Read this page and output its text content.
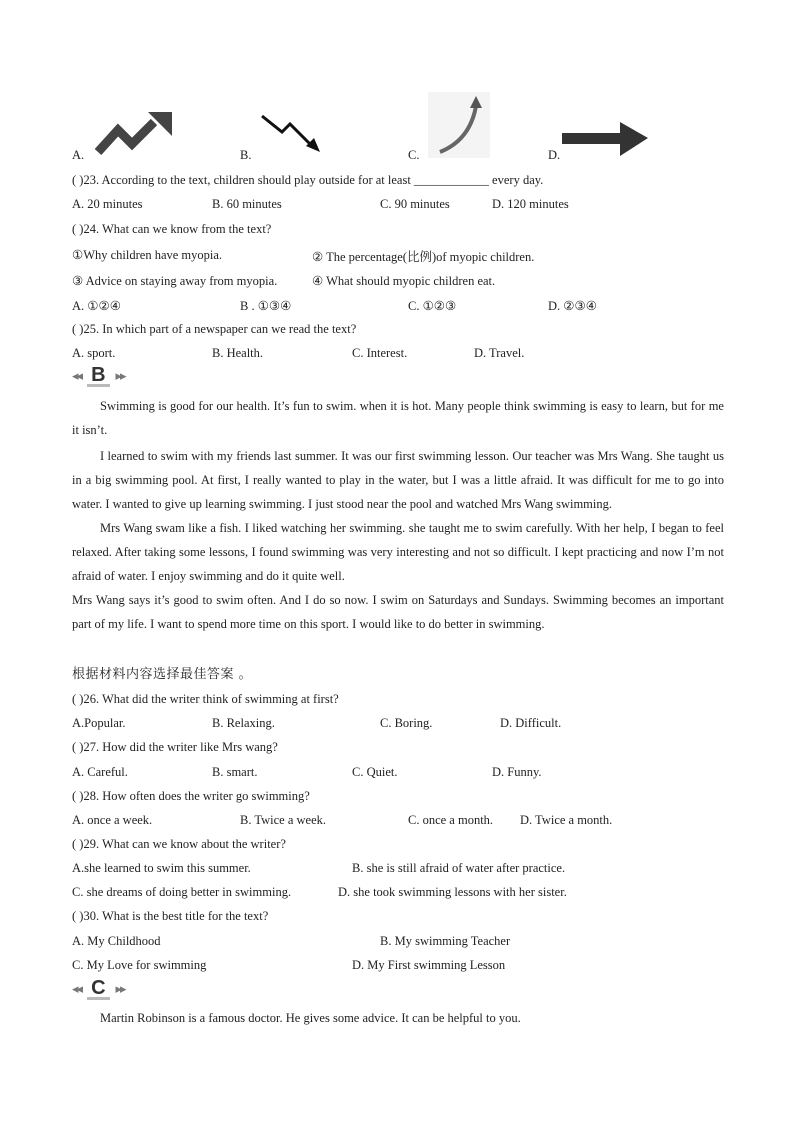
A.	B.	C.	D.
( )23. According to the text, children should play outside for at least ____________ every day.
A. 20 minutes	B. 60 minutes	C. 90 minutes	D. 120 minutes
( )24. What can we know from the text?
①Why children have myopia.	② The percentage(比例)of myopic children.
③ Advice on staying away from myopia.	④ What should myopic children eat.
A. ①②④	B . ①③④	C. ①②③	D. ②③④
( )25. In which part of a newspaper can we read the text?
A. sport.	B. Health.	C. Interest.	D. Travel.
◂◂ B ▸▸

Swimming is good for our health. It’s fun to swim. when it is hot. Many people think swimming is easy to learn, but for me it isn’t.

I learned to swim with my friends last summer. It was our first swimming lesson. Our teacher was Mrs Wang. She taught us in a big swimming pool. At first, I really wanted to play in the water, but I was a little afraid. It was difficult for me to go into water. I wanted to give up learning swimming. I just stood near the pool and watched Mrs Wang swimming.

Mrs Wang swam like a fish. I liked watching her swimming. she taught me to swim carefully. With her help, I began to feel relaxed. After taking some lessons, I found swimming was very interesting and not so difficult. I kept practicing and now I’m not afraid of water. I enjoy swimming and do it quite well.

Mrs Wang says it’s good to swim often. And I do so now. I swim on Saturdays and Sundays. Swimming becomes an important part of my life. I want to spend more time on this sport. I would like to do better in swimming.

根据材料内容选择最佳答案 。
( )26. What did the writer think of swimming at first?
A.Popular.	B. Relaxing.	C. Boring.	D. Difficult.
( )27. How did the writer like Mrs wang?
A. Careful.	B. smart.	C. Quiet.	D. Funny.
( )28. How often does the writer go swimming?
A. once a week.	B. Twice a week.	C. once a month. D. Twice a month.
( )29. What can we know about the writer?
A.she learned to swim this summer.	B. she is still afraid of water after practice.
C. she dreams of doing better in swimming.	D. she took swimming lessons with her sister.
( )30. What is the best title for the text?
A. My Childhood	B. My swimming Teacher
C. My Love for swimming	D. My First swimming Lesson
◂◂ C ▸▸

Martin Robinson is a famous doctor. He gives some advice. It can be helpful to you.
